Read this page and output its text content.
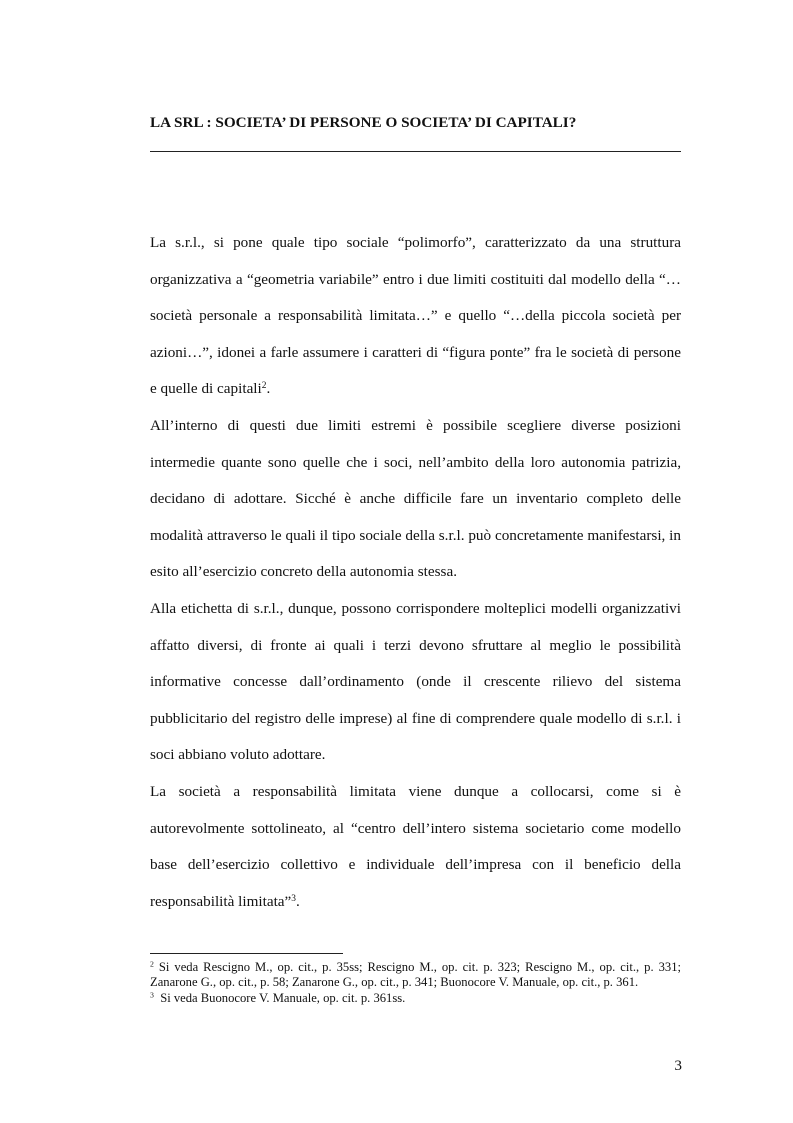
LA SRL : SOCIETA’ DI PERSONE O SOCIETA’ DI CAPITALI?

La s.r.l., si pone quale tipo sociale “polimorfo”, caratterizzato da una struttura organizzativa a “geometria variabile” entro i due limiti costituiti dal modello della “…società personale a responsabilità limitata…” e quello “…della piccola società per azioni…”, idonei a farle assumere i caratteri di “figura ponte” fra le società di persone e quelle di capitali$^2$.

All’interno di questi due limiti estremi è possibile scegliere diverse posizioni intermedie quante sono quelle che i soci, nell’ambito della loro autonomia patrizia, decidano di adottare. Sicché è anche difficile fare un inventario completo delle modalità attraverso le quali il tipo sociale della s.r.l. può concretamente manifestarsi, in esito all’esercizio concreto della autonomia stessa.

Alla etichetta di s.r.l., dunque, possono corrispondere molteplici modelli organizzativi affatto diversi, di fronte ai quali i terzi devono sfruttare al meglio le possibilità informative concesse dall’ordinamento (onde il crescente rilievo del sistema pubblicitario del registro delle imprese) al fine di comprendere quale modello di s.r.l. i soci abbiano voluto adottare.

La società a responsabilità limitata viene dunque a collocarsi, come si è autorevolmente sottolineato, al “centro dell’intero sistema societario come modello base dell’esercizio collettivo e individuale dell’impresa con il beneficio della responsabilità limitata”$^3$.

$^2$ Si veda Rescigno M., op. cit., p. 35ss; Rescigno M., op. cit. p. 323; Rescigno M., op. cit., p. 331; Zanarone G., op. cit., p. 58; Zanarone G., op. cit., p. 341; Buonocore V. Manuale, op. cit., p. 361.

$^3$  Si veda Buonocore V. Manuale, op. cit. p. 361ss.

3
